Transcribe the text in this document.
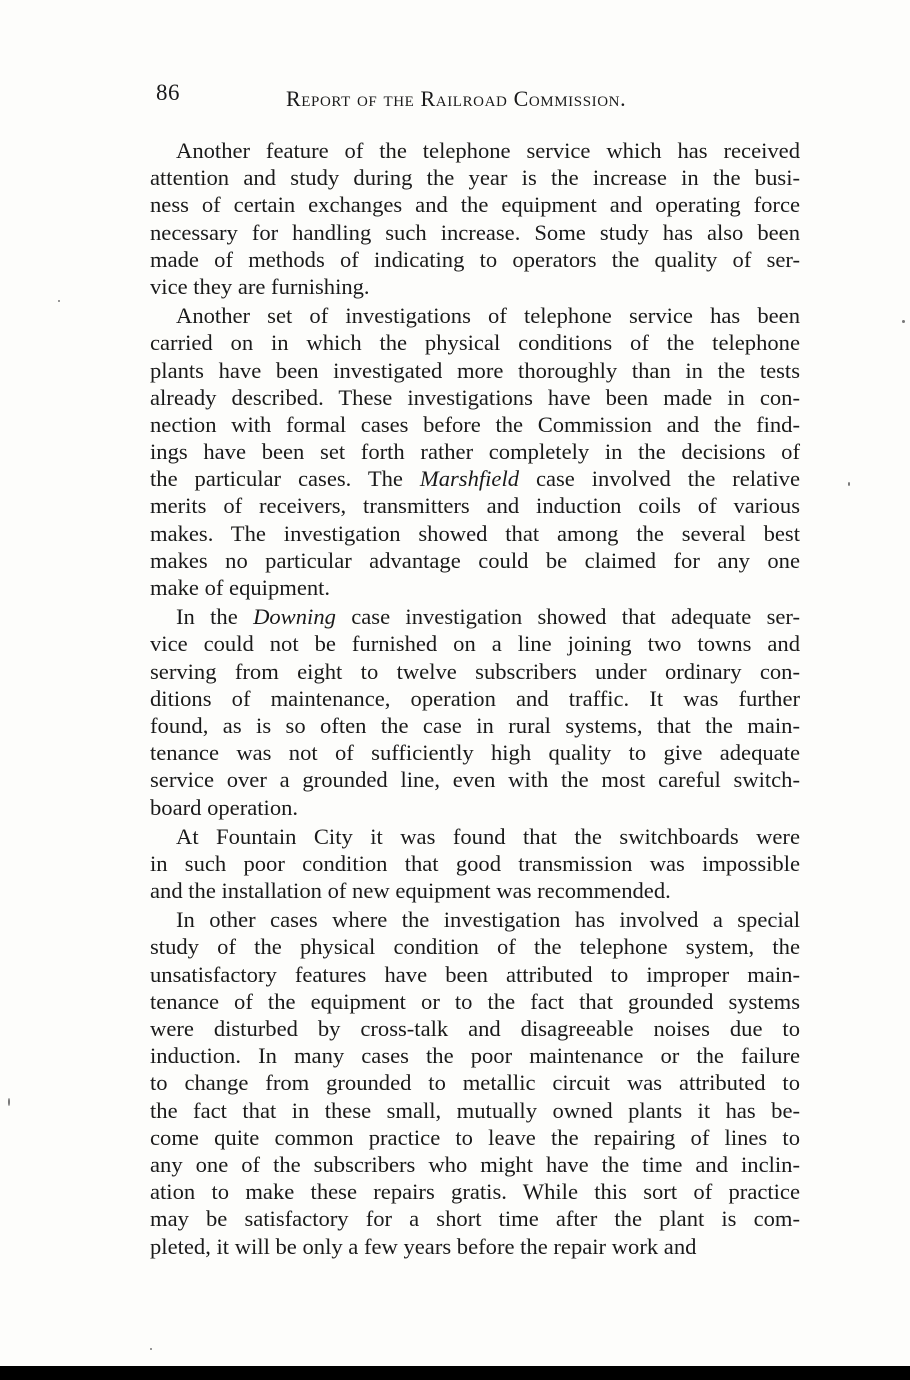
86	Report of the Railroad Commission.
Another feature of the telephone service which has received
attention and study during the year is the increase in the busi-
ness of certain exchanges and the equipment and operating force
necessary for handling such increase. Some study has also been
made of methods of indicating to operators the quality of ser-
vice they are furnishing.
Another set of investigations of telephone service has been
carried on in which the physical conditions of the telephone
plants have been investigated more thoroughly than in the tests
already described. These investigations have been made in con-
nection with formal cases before the Commission and the find-
ings have been set forth rather completely in the decisions of
the particular cases. The Marshfield case involved the relative
merits of receivers, transmitters and induction coils of various
makes. The investigation showed that among the several best
makes no particular advantage could be claimed for any one
make of equipment.
In the Downing case investigation showed that adequate ser-
vice could not be furnished on a line joining two towns and
serving from eight to twelve subscribers under ordinary con-
ditions of maintenance, operation and traffic. It was further
found, as is so often the case in rural systems, that the main-
tenance was not of sufficiently high quality to give adequate
service over a grounded line, even with the most careful switch-
board operation.
At Fountain City it was found that the switchboards were
in such poor condition that good transmission was impossible
and the installation of new equipment was recommended.
In other cases where the investigation has involved a special
study of the physical condition of the telephone system, the
unsatisfactory features have been attributed to improper main-
tenance of the equipment or to the fact that grounded systems
were disturbed by cross-talk and disagreeable noises due to
induction. In many cases the poor maintenance or the failure
to change from grounded to metallic circuit was attributed to
the fact that in these small, mutually owned plants it has be-
come quite common practice to leave the repairing of lines to
any one of the subscribers who might have the time and inclin-
ation to make these repairs gratis. While this sort of practice
may be satisfactory for a short time after the plant is com-
pleted, it will be only a few years before the repair work and
